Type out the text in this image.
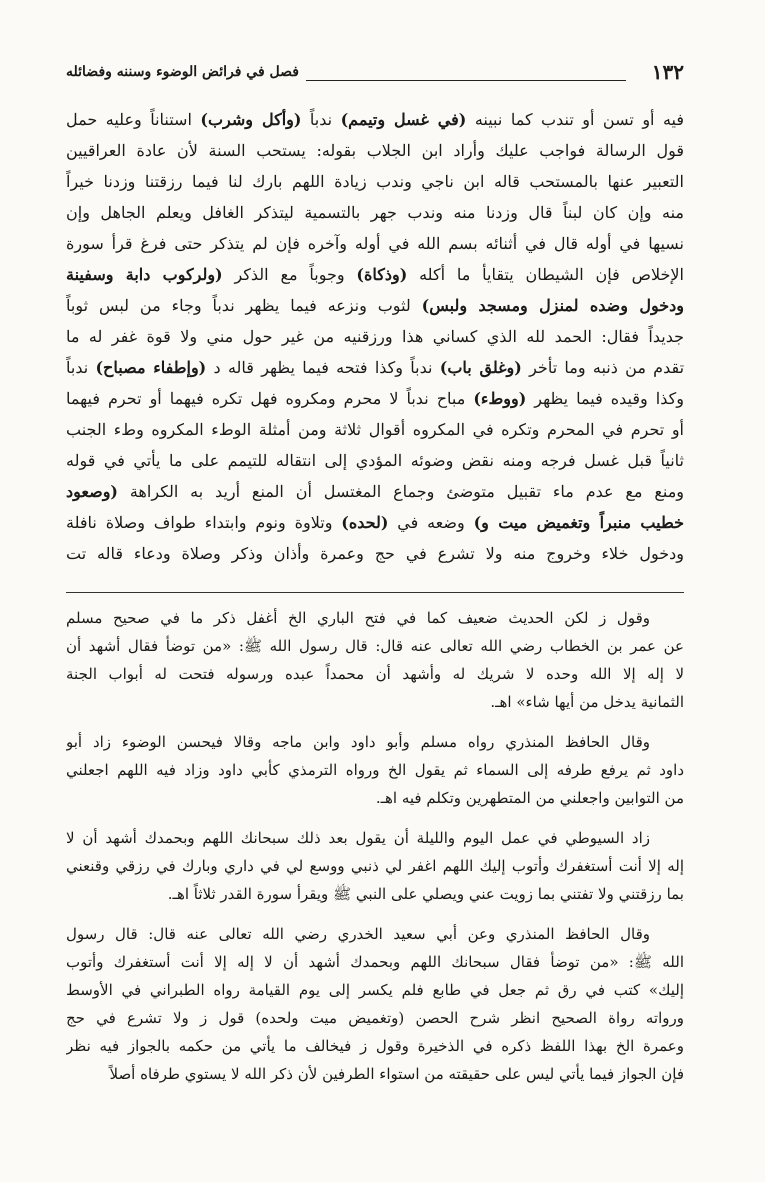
١٣٢
فصل في فرائض الوضوء وسننه وفضائله
فيه أو تسن أو تندب كما نبينه (في غسل وتيمم) ندباً (وأكل وشرب) استناناً وعليه حمل
قول الرسالة فواجب عليك وأراد ابن الجلاب بقوله: يستحب السنة لأن عادة العراقيين
التعبير عنها بالمستحب قاله ابن ناجي وندب زيادة اللهم بارك لنا فيما رزقتنا وزدنا خيراً
منه وإن كان لبناً قال وزدنا منه وندب جهر بالتسمية ليتذكر الغافل ويعلم الجاهل وإن
نسيها في أوله قال في أثنائه بسم الله في أوله وآخره فإن لم يتذكر حتى فرغ قرأ سورة
الإخلاص فإن الشيطان يتقايأ ما أكله (وذكاة) وجوباً مع الذكر (ولركوب دابة وسفينة
ودخول وضده لمنزل ومسجد ولبس) لثوب ونزعه فيما يظهر ندباً وجاء من لبس ثوباً
جديداً فقال: الحمد لله الذي كساني هذا ورزقنيه من غير حول مني ولا قوة غفر له ما
تقدم من ذنبه وما تأخر (وغلق باب) ندباً وكذا فتحه فيما يظهر قاله د (وإطفاء مصباح) ندباً
وكذا وقيده فيما يظهر (ووطء) مباح ندباً لا محرم ومكروه فهل تكره فيهما أو تحرم فيهما
أو تحرم في المحرم وتكره في المكروه أقوال ثلاثة ومن أمثلة الوطء المكروه وطء الجنب
ثانياً قبل غسل فرجه ومنه نقض وضوئه المؤدي إلى انتقاله للتيمم على ما يأتي في قوله
ومنع مع عدم ماء تقبيل متوضئ وجماع المغتسل أن المنع أريد به الكراهة (وصعود
خطيب منبراً وتغميض ميت و) وضعه في (لحده) وتلاوة ونوم وابتداء طواف وصلاة نافلة
ودخول خلاء وخروج منه ولا تشرع في حج وعمرة وأذان وذكر وصلاة ودعاء قاله تت
وقول ز لكن الحديث ضعيف كما في فتح الباري الخ أغفل ذكر ما في صحيح مسلم
عن عمر بن الخطاب رضي الله تعالى عنه قال: قال رسول الله ﷺ: «من توضأ فقال أشهد أن
لا إله إلا الله وحده لا شريك له وأشهد أن محمداً عبده ورسوله فتحت له أبواب الجنة
الثمانية يدخل من أيها شاء» اهـ.
وقال الحافظ المنذري رواه مسلم وأبو داود وابن ماجه وقالا فيحسن الوضوء زاد أبو
داود ثم يرفع طرفه إلى السماء ثم يقول الخ ورواه الترمذي كأبي داود وزاد فيه اللهم اجعلني
من التوابين واجعلني من المتطهرين وتكلم فيه اهـ.
زاد السيوطي في عمل اليوم والليلة أن يقول بعد ذلك سبحانك اللهم وبحمدك أشهد أن لا
إله إلا أنت أستغفرك وأتوب إليك اللهم اغفر لي ذنبي ووسع لي في داري وبارك في رزقي وقنعني
بما رزقتني ولا تفتني بما زويت عني ويصلي على النبي ﷺ ويقرأ سورة القدر ثلاثاً اهـ.
وقال الحافظ المنذري وعن أبي سعيد الخدري رضي الله تعالى عنه قال: قال رسول
الله ﷺ: «من توضأ فقال سبحانك اللهم وبحمدك أشهد أن لا إله إلا أنت أستغفرك وأتوب
إليك» كتب في رق ثم جعل في طابع فلم يكسر إلى يوم القيامة رواه الطبراني في الأوسط
ورواته رواة الصحيح انظر شرح الحصن (وتغميض ميت ولحده) قول ز ولا تشرع في حج
وعمرة الخ بهذا اللفظ ذكره في الذخيرة وقول ز فيخالف ما يأتي من حكمه بالجواز فيه نظر
فإن الجواز فيما يأتي ليس على حقيقته من استواء الطرفين لأن ذكر الله لا يستوي طرفاه أصلاً
